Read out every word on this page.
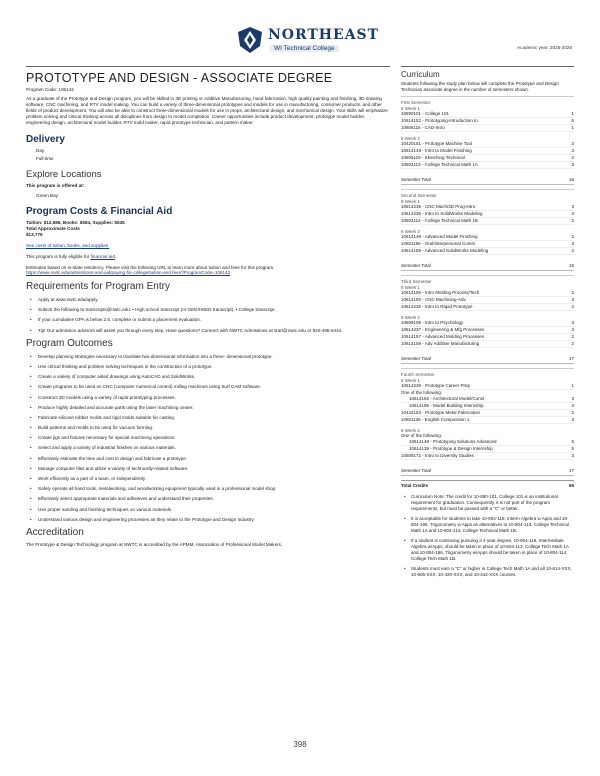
NORTHEAST
WI Technical College	Academic year: 2025-2026
PROTOTYPE AND DESIGN - ASSOCIATE DEGREE
Program Code: 106142
As a graduate of the Prototype and Design program, you will be skilled in 3D printing or Additive Manufacturing, hand fabrication, high quality painting and finishing, 3D drawing software, CNC machining, and RTV model making. You can build a variety of three-dimensional prototypes and models for use in manufacturing, consumer products, and other fields of product development. You will also be able to construct three-dimensional models for use in props, architectural design, and mechanical design. Your skills will emphasize problem solving and critical thinking across all disciplines from design to model completion. Career opportunities include product development, prototype model builder, engineering design, architectural model builder, RTV mold maker, rapid prototype technician, and pattern maker.
Delivery
Day
Full-time
Explore Locations
This program is offered at:
Green Bay
Program Costs & Financial Aid
Tuition: $12,686, Books: $554, Supplies: $535
Total Approximate Costs
$13,775
See costs of tuition, books, and supplies.
This program is fully eligible for financial aid.
Estimates based on in-state residency. Please visit the following URL to learn more about tuition and fees for this program.
https://www.nwtc.edu/admissions-and-aid/paying-for-college/tuition-and-fees?ProgramCode=106142
Requirements for Program Entry
• Apply at www.nwtc.edu/apply.
• Submit the following to transcripts@nwtc.edu: • High school transcript (or GED/HSED transcript). • College transcript.
• If your cumulative GPA is below 2.6, complete or submit a placement evaluation.
• Tip! Our admission advisors will assist you through every step. Have questions? Connect with NWTC Admissions at start@nwtc.edu or 920-498-5444.
Program Outcomes
• Develop planning strategies necessary to translate two-dimensional information into a three- dimensional prototype.
• Use critical thinking and problem solving techniques in the construction of a prototype.
• Create a variety of computer aided drawings using AutoCAD and SolidWorks.
• Create programs to be used on CNC (computer numerical control) milling machines using Surf CAM software.
• Construct 3D models using a variety of rapid prototyping processes.
• Produce highly detailed and accurate parts using the laser machining center.
• Fabricate silicone rubber molds and rigid molds suitable for casting.
• Build patterns and molds to be used for vacuum forming.
• Create jigs and fixtures necessary for special machining operations.
• Select and apply a variety of industrial finishes on various materials.
• Effectively estimate the time and cost to design and fabricate a prototype.
• Manage computer files and utilize a variety of technically-related software.
• Work efficiently as a part of a team, or independently.
• Safely operate all hand tools, metalworking, and woodworking equipment typically used in a professional model shop.
• Effectively select appropriate materials and adhesives and understand their properties.
• Use proper sanding and finishing techniques on various materials.
• Understand various design and engineering processes as they relate to the Prototype and Design Industry.
Accreditation
The Prototype & Design Technology program at NWTC is accredited by the APMM, Association of Professional Model Makers.
Curriculum
Students following the study plan below will complete the Prototype and Design Technician associate degree in the number of semesters shown.
First Semester
8 Week 1
10890101 - College 101	1
10614152 - Prototyping-Introduction to	5
10606116 - CAD-Intro	1
8 Week 2
10420151 - Prototype Machine Tool	3
10614148 - Intro to Model Finishing	3
10606119 - Sketching-Technical	2
10804113 - College Technical Math 1A	3
Semester Total	16
Second Semester
8 Week 1
10614235 - CNC Mach/3D Prog-Intro	3
10614236 - Intro to SolidWorks Modeling	3
10804114 - College Technical Math 1B	2
8 Week 2
10614149 - Advanced Model Finishing	2
10801196 - Oral/Interpersonal Comm	3
10614155 - Advanced SolidWorks Modeling	2
Semester Total	15
Third Semester
8 Week 1
10614156 - Intro Molding Process/Tech	2
10614150 - CNC Machining-Adv	3
10614235 - Intro to Rapid Prototype	2
8 Week 2
10809198 - Intro to Psychology	3
10614237 - Engineering & Mfg Processes	3
10614157 - Advanced Molding Processes	2
10614158 - Adv Additive Manufacturing	2
Semester Total	17
Fourth Semester
8 Week 1
10614239 - Prototype Career Prep	1
One of the following:
10614162 - Architectural Model/Const	3
10614195 - Model Building Internship	3
10442153 - Prototype Metal Fabrication	2
10801136 - English Composition 1	3
8 Week 2
One of the following:
10614148 - Prototyping Solutions Advanced	5
10614139 - Prototype & Design Internship	5
10809172 - Intro to Diversity Studies	3
Semester Total	17
Total Credits	65
• Curriculum Note: The credit for 10-890-101, College 101 is an institutional requirement for graduation. Consequently, it is not part of the program requirements, but must be passed with a "C" or better.
• It is acceptable for students to take 10-804-118, Interm Algebra w Apps and 10-804-196, Trigonometry w Apps as alternatives to 10-804-113, College Technical Math 1A and 10-804-114, College Technical Math 1B.
• If a student is continuing pursuing a 4-year degree, 10-804-118, Intermediate Algebra w/Apps, should be taken in place of 10-804-113, College Tech Math 1A and 10-804-196, Trigonometry w/Apps should be taken in place of 10-804-114, College Tech Math 1B.
• Students must earn a "C" or higher in College Tech Math 1A and all 10-614-XXX, 10-606-XXX, 10-420-XXX, and 10-442-XXX courses.
398
